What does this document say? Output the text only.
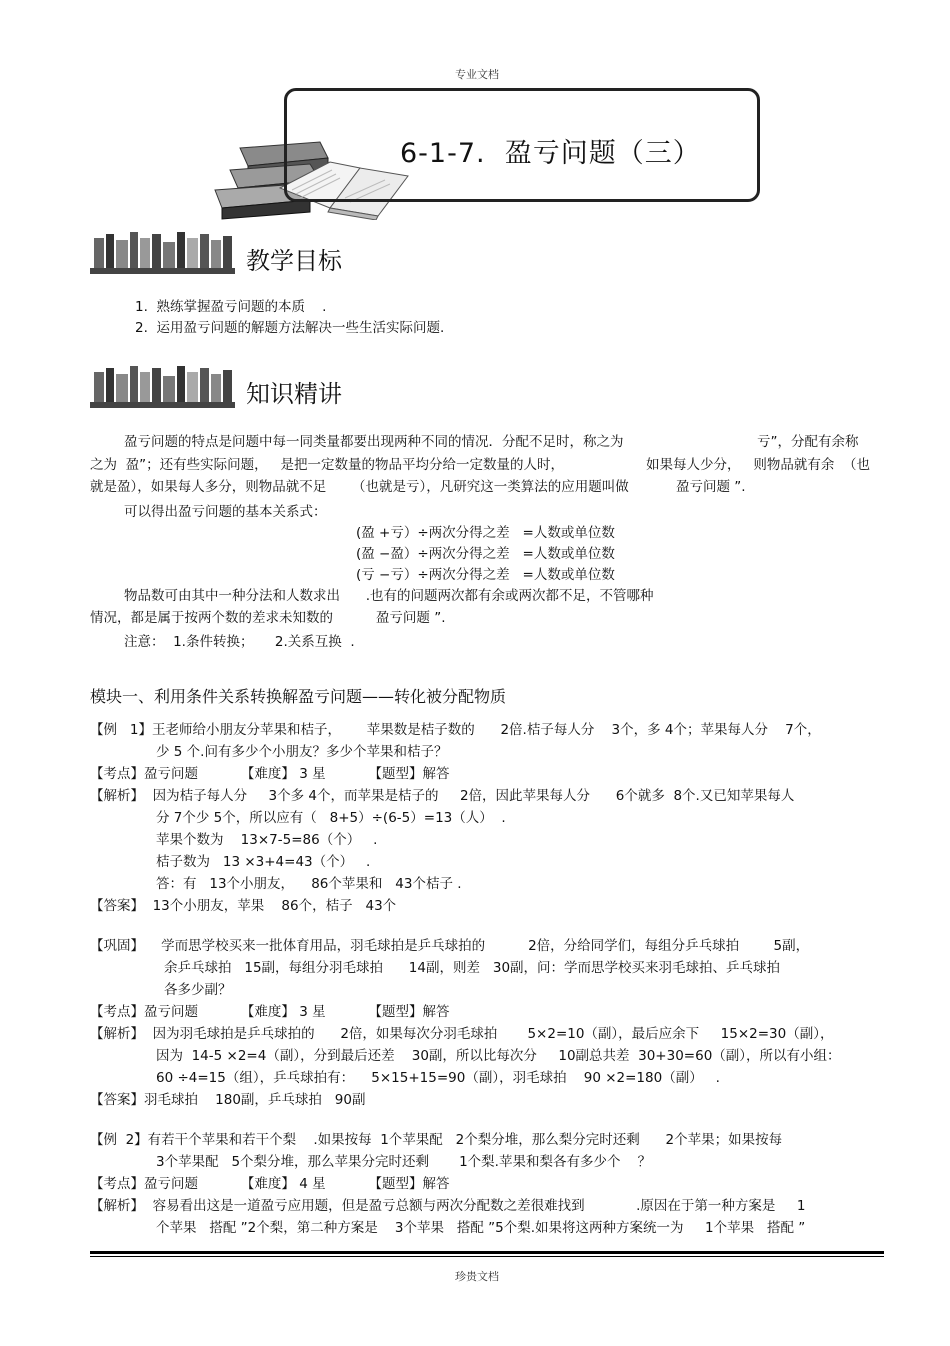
专业文档
6-1-7.  盈亏问题（三）
教学目标
1.  熟练掌握盈亏问题的本质    .
2.  运用盈亏问题的解题方法解决一些生活实际问题.
知识精讲
盈亏问题的特点是问题中每一同类量都要出现两种不同的情况．分配不足时，称之为	亏”，分配有余称
之为  盈”；还有些实际问题，   是把一定数量的物品平均分给一定数量的人时，	如果每人少分，   则物品就有余  （也
就是盈），如果每人多分，则物品就不足      （也就是亏），凡研究这一类算法的应用题叫做           盈亏问题 ”.
可以得出盈亏问题的基本关系式：
(盈 +亏）÷两次分得之差   =人数或单位数
(盈 −盈）÷两次分得之差   =人数或单位数
(亏 −亏）÷两次分得之差   =人数或单位数
物品数可由其中一种分法和人数求出      .也有的问题两次都有余或两次都不足，不管哪种
情况，都是属于按两个数的差求未知数的          盈亏问题 ”.
注意：  1.条件转换；     2.关系互换  .
模块一、利用条件关系转换解盈亏问题——转化被分配物质
【例   1】王老师给小朋友分苹果和桔子，      苹果数是桔子数的      2倍.桔子每人分    3个，多 4个；苹果每人分    7个，
少 5 个.问有多少个小朋友？多少个苹果和桔子？
【考点】盈亏问题          【难度】 3 星          【题型】解答
【解析】  因为桔子每人分     3个多 4个，而苹果是桔子的     2倍，因此苹果每人分      6个就多  8个.又已知苹果每人
分 7个少 5个，所以应有（   8+5）÷(6-5）=13（人）  .
苹果个数为    13×7-5=86（个）   .
桔子数为   13 ×3+4=43（个）   .
答：有   13个小朋友，    86个苹果和   43个桔子 .
【答案】  13个小朋友，苹果    86个，桔子   43个
【巩固】    学而思学校买来一批体育用品，羽毛球拍是乒乓球拍的          2倍，分给同学们，每组分乒乓球拍        5副，
余乒乓球拍   15副，每组分羽毛球拍      14副，则差   30副，问：学而思学校买来羽毛球拍、乒乓球拍
各多少副？
【考点】盈亏问题          【难度】 3 星          【题型】解答
【解析】  因为羽毛球拍是乒乓球拍的      2倍，如果每次分羽毛球拍       5×2=10（副），最后应余下     15×2=30（副），
因为  14-5 ×2=4（副），分到最后还差    30副，所以比每次分     10副总共差  30+30=60（副），所以有小组：
60 ÷4=15（组），乒乓球拍有：    5×15+15=90（副），羽毛球拍    90 ×2=180（副）   .
【答案】羽毛球拍    180副，乒乓球拍   90副
【例  2】有若干个苹果和若干个梨    .如果按每  1个苹果配   2个梨分堆，那么梨分完时还剩      2个苹果；如果按每
3个苹果配   5个梨分堆，那么苹果分完时还剩       1个梨.苹果和梨各有多少个    ？
【考点】盈亏问题          【难度】 4 星          【题型】解答
【解析】  容易看出这是一道盈亏应用题，但是盈亏总额与两次分配数之差很难找到            .原因在于第一种方案是     1
个苹果   搭配 ”2个梨，第二种方案是    3个苹果   搭配 ”5个梨.如果将这两种方案统一为     1个苹果   搭配 ”
珍贵文档
